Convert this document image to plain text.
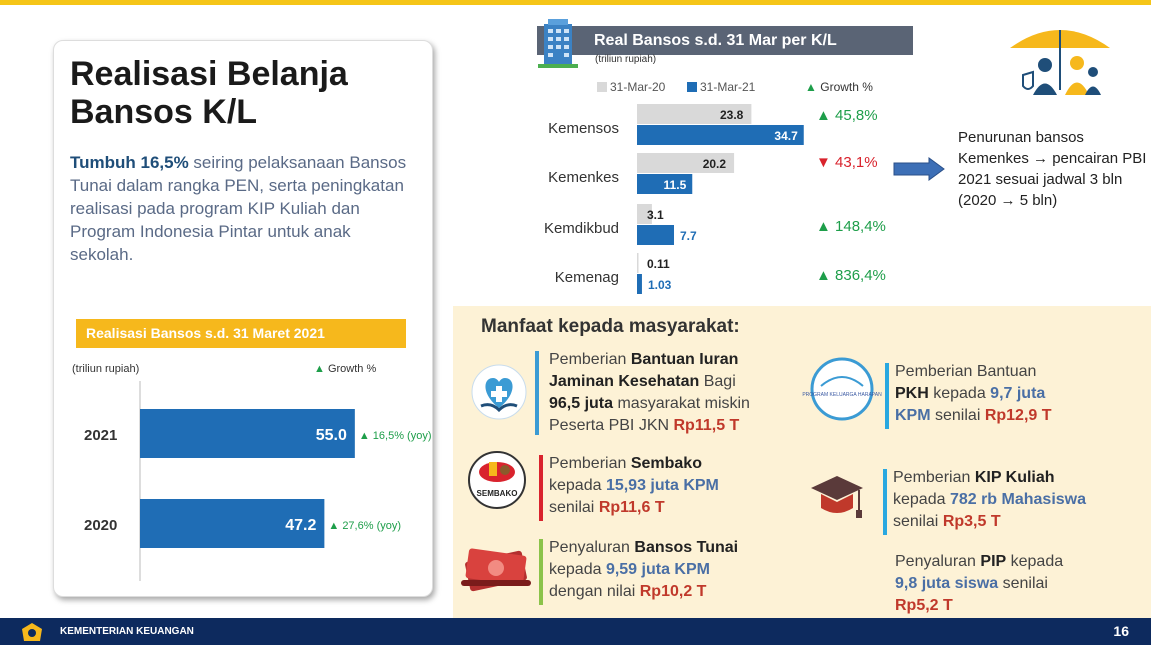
Realisasi Belanja
Bansos K/L
Tumbuh 16,5% seiring pelaksanaan Bansos Tunai dalam rangka PEN, serta peningkatan realisasi pada program KIP Kuliah dan Program Indonesia Pintar untuk anak sekolah.
Realisasi Bansos s.d. 31 Maret 2021
(triliun rupiah)	▲ Growth %
2021	55.0 ▲ 16,5% (yoy)
2020	47.2 ▲ 27,6% (yoy)
Real Bansos s.d. 31 Mar per K/L
(triliun rupiah)
31-Mar-20	31-Mar-21	▲ Growth %
Kemensos
23.8
34.7
▲ 45,8%
Kemenkes
20.2
11.5
▼ 43,1%
Kemdikbud
3.1
7.7
▲ 148,4%
Kemenag
0.11
1.03
▲ 836,4%
Penurunan bansos Kemenkes → pencairan PBI 2021 sesuai jadwal 3 bln (2020 → 5 bln)
Manfaat kepada masyarakat:
Pemberian Bantuan Iuran
Jaminan Kesehatan Bagi
96,5 juta masyarakat miskin
Peserta PBI JKN Rp11,5 T
SEMBAKO
Pemberian Sembako
kepada 15,93 juta KPM
senilai Rp11,6 T
Penyaluran Bansos Tunai
kepada 9,59 juta KPM
dengan nilai Rp10,2 T
PROGRAM KELUARGA HARAPAN
Pemberian Bantuan
PKH kepada 9,7 juta
KPM senilai Rp12,9 T
Pemberian KIP Kuliah
kepada 782 rb Mahasiswa
senilai Rp3,5 T
Penyaluran PIP kepada
9,8 juta siswa senilai
Rp5,2 T
KEMENTERIAN KEUANGAN	16
